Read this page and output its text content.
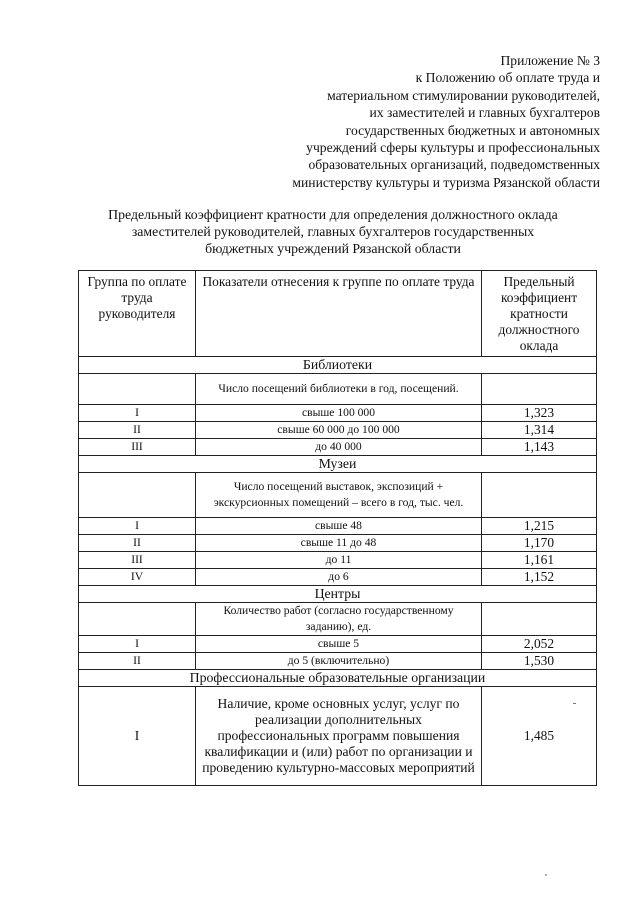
Приложение № 3
к Положению об оплате труда и
материальном стимулировании руководителей,
их заместителей и главных бухгалтеров
государственных бюджетных и автономных
учреждений сферы культуры и профессиональных
образовательных организаций, подведомственных
министерству культуры и туризма Рязанской области
Предельный коэффициент кратности для определения должностного оклада
заместителей руководителей, главных бухгалтеров государственных
бюджетных учреждений Рязанской области
Группа по оплате труда руководителя	Показатели отнесения к группе по оплате труда	Предельный коэффициент кратности должностного оклада
Библиотеки		
	Число посещений библиотеки в год, посещений.	
I	свыше 100 000	1,323
II	свыше 60 000 до 100 000	1,314
III	до 40 000	1,143
Музеи		
	Число посещений выставок, экспозиций + экскурсионных помещений – всего в год, тыс. чел.	
I	свыше 48	1,215
II	свыше 11 до 48	1,170
III	до 11	1,161
IV	до 6	1,152
Центры		
	Количество работ (согласно государственному заданию), ед.	
I	свыше 5	2,052
II	до 5 (включительно)	1,530
Профессиональные образовательные организации		
I	Наличие, кроме основных услуг, услуг по реализации дополнительных профессиональных программ повышения квалификации и (или) работ по организации и проведению культурно-массовых мероприятий	1,485
